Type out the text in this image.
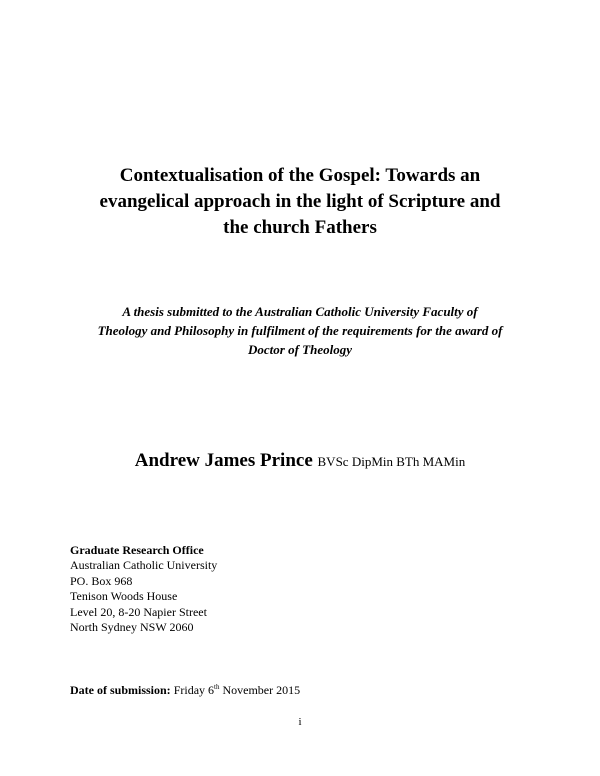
Contextualisation of the Gospel: Towards an
evangelical approach in the light of Scripture and
the church Fathers
A thesis submitted to the Australian Catholic University Faculty of
Theology and Philosophy in fulfilment of the requirements for the award of
Doctor of Theology
Andrew James Prince BVSc DipMin BTh MAMin
Graduate Research Office
Australian Catholic University
PO. Box 968
Tenison Woods House
Level 20, 8-20 Napier Street
North Sydney NSW 2060
Date of submission: Friday 6th November 2015
i
